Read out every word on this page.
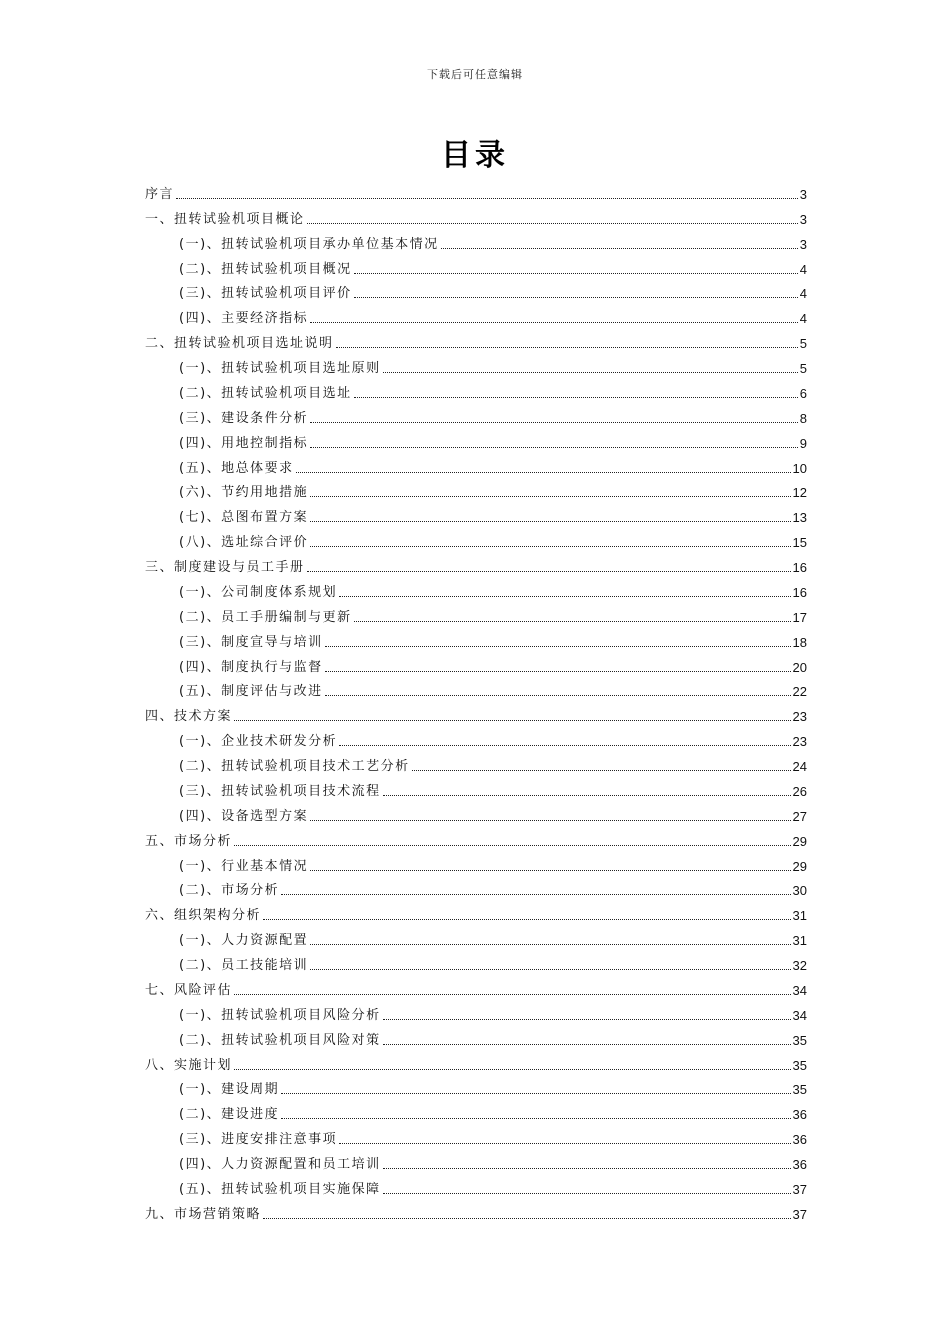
下载后可任意编辑
目录
序言	3
一、扭转试验机项目概论	3
(一)、扭转试验机项目承办单位基本情况	3
(二)、扭转试验机项目概况	4
(三)、扭转试验机项目评价	4
(四)、主要经济指标	4
二、扭转试验机项目选址说明	5
(一)、扭转试验机项目选址原则	5
(二)、扭转试验机项目选址	6
(三)、建设条件分析	8
(四)、用地控制指标	9
(五)、地总体要求	10
(六)、节约用地措施	12
(七)、总图布置方案	13
(八)、选址综合评价	15
三、制度建设与员工手册	16
(一)、公司制度体系规划	16
(二)、员工手册编制与更新	17
(三)、制度宣导与培训	18
(四)、制度执行与监督	20
(五)、制度评估与改进	22
四、技术方案	23
(一)、企业技术研发分析	23
(二)、扭转试验机项目技术工艺分析	24
(三)、扭转试验机项目技术流程	26
(四)、设备选型方案	27
五、市场分析	29
(一)、行业基本情况	29
(二)、市场分析	30
六、组织架构分析	31
(一)、人力资源配置	31
(二)、员工技能培训	32
七、风险评估	34
(一)、扭转试验机项目风险分析	34
(二)、扭转试验机项目风险对策	35
八、实施计划	35
(一)、建设周期	35
(二)、建设进度	36
(三)、进度安排注意事项	36
(四)、人力资源配置和员工培训	36
(五)、扭转试验机项目实施保障	37
九、市场营销策略	37
